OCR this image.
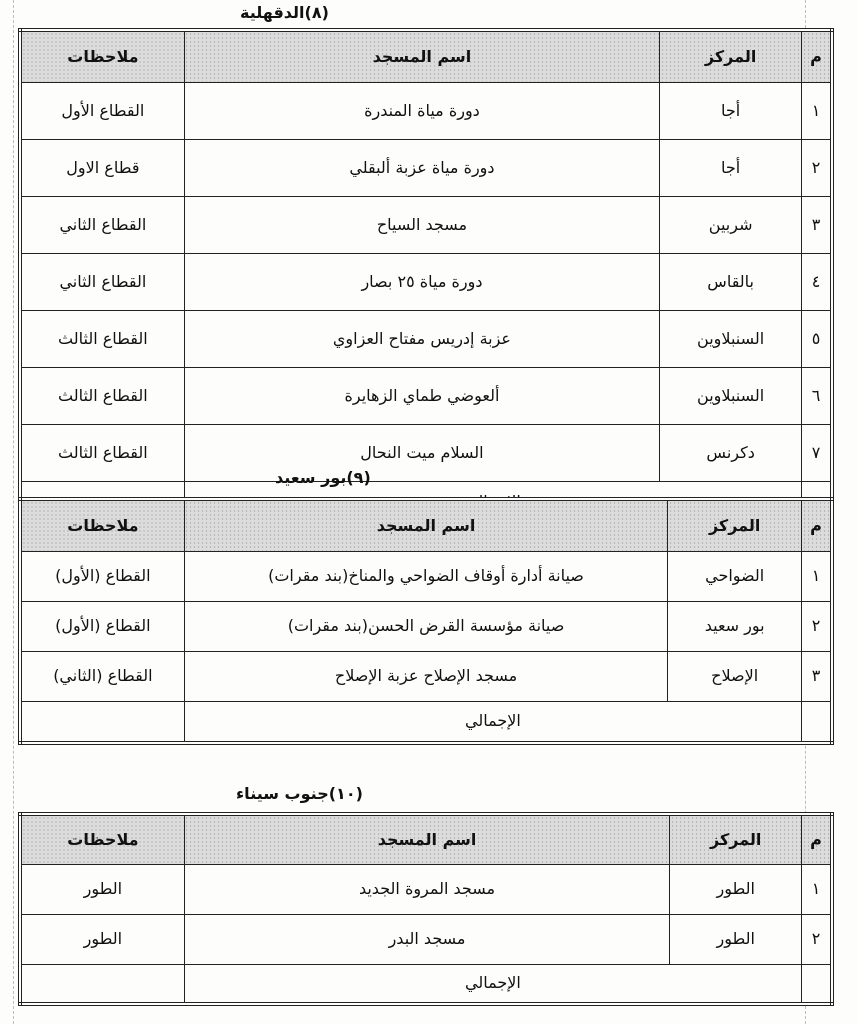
(٨)الدقهلية
م	المركز	اسم المسجد	ملاحظات
١	أجا	دورة مياة المندرة	القطاع الأول
٢	أجا	دورة مياة عزبة ألبقلي	قطاع الاول
٣	شربين	مسجد السياح	القطاع الثاني
٤	بالقاس	دورة مياة ٢٥ بصار	القطاع الثاني
٥	السنبلاوين	عزبة إدريس مفتاح العزاوي	القطاع الثالث
٦	السنبلاوين	ألعوضي طماي الزهايرة	القطاع الثالث
٧	دكرنس	السلام ميت النحال	القطاع الثالث

(٩)بور سعيد
م	المركز	اسم المسجد	ملاحظات
١	الضواحي	صيانة أدارة أوقاف الضواحي والمناخ(بند مقرات)	القطاع (الأول)
٢	بور سعيد	صيانة مؤسسة القرض الحسن(بند مقرات)	القطاع (الأول)
٣	الإصلاح	مسجد الإصلاح عزبة الإصلاح	القطاع (الثاني)
	الإجمالي		
(١٠)جنوب سيناء
م	المركز	اسم المسجد	ملاحظات
١	الطور	مسجد المروة الجديد	الطور
٢	الطور	مسجد البدر	الطور
	الإجمالي		
